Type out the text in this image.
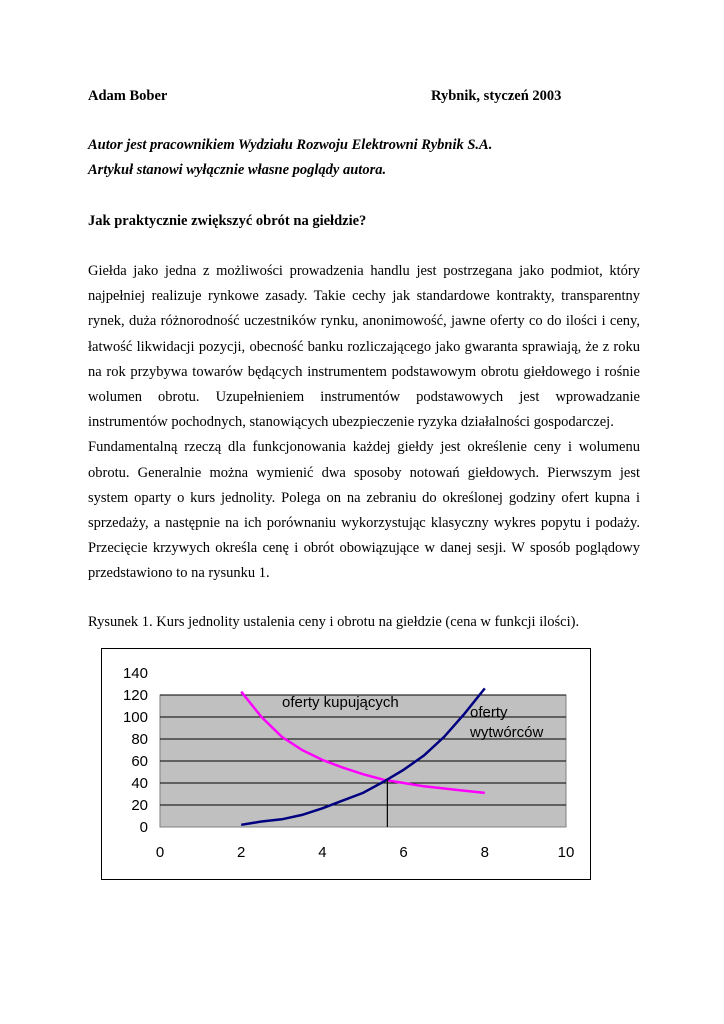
Adam Bober	Rybnik, styczeń 2003
Autor jest pracownikiem Wydziału Rozwoju Elektrowni Rybnik S.A.
Artykuł stanowi wyłącznie własne poglądy autora.
Jak praktycznie zwiększyć obrót na giełdzie?
Giełda jako jedna z możliwości prowadzenia handlu jest postrzegana jako podmiot, który
najpełniej realizuje rynkowe zasady. Takie cechy jak standardowe kontrakty, transparentny
rynek, duża różnorodność uczestników rynku, anonimowość, jawne oferty co do ilości i ceny,
łatwość likwidacji pozycji, obecność banku rozliczającego jako gwaranta sprawiają, że z roku
na rok przybywa towarów będących instrumentem podstawowym obrotu giełdowego i rośnie
wolumen obrotu. Uzupełnieniem instrumentów podstawowych jest wprowadzanie
instrumentów pochodnych, stanowiących ubezpieczenie ryzyka działalności gospodarczej.
Fundamentalną rzeczą dla funkcjonowania każdej giełdy jest określenie ceny i wolumenu
obrotu. Generalnie można wymienić dwa sposoby notowań giełdowych. Pierwszym jest
system oparty o kurs jednolity. Polega on na zebraniu do określonej godziny ofert kupna i
sprzedaży, a następnie na ich porównaniu wykorzystując klasyczny wykres popytu i podaży.
Przecięcie krzywych określa cenę i obrót obowiązujące w danej sesji. W sposób poglądowy
przedstawiono to na rysunku 1.
Rysunek 1. Kurs jednolity ustalenia ceny i obrotu na giełdzie (cena w funkcji ilości).
0
20
40
60
80
100
120
140
0	2	4	6	8	10
oferty kupujących
oferty
wytwórców
